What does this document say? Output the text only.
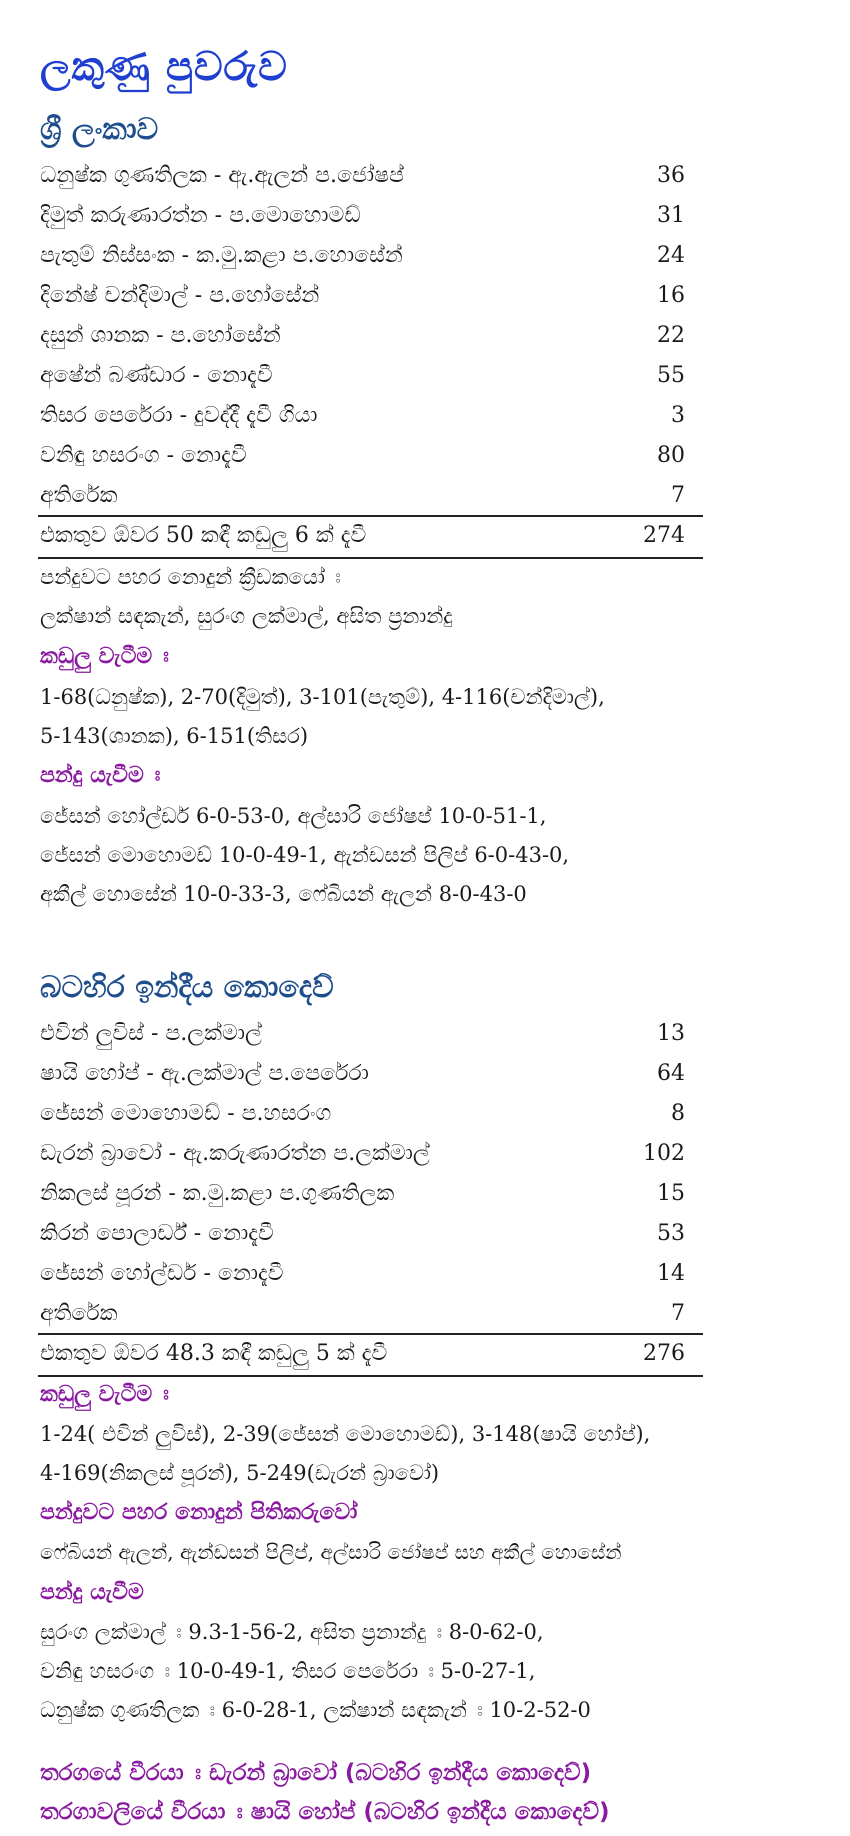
ලකුණු පුවරුව
ශ්‍රී ලංකාව
ධනුෂ්ක ගුණතිලක - ඇ.ඇලන් ප.ජෝෂප්	36
දිමුත් කරුණාරත්න - ප.මොහොමඩ්	31
පැතුම් නිස්සංක - ක.මු.කළා ප.හොසේන්	24
දිනේෂ් චන්දිමාල් - ප.හෝසේන්	16
දසුන් ශානක - ප.හෝසේන්	22
අෂේන් බණ්ඩාර - නොදැවී	55
තිසර පෙරේරා - දුවද්දී දැවී ගියා	3
වනිඳු හසරංග - නොදැවී	80
අතිරේක	7
එකතුව ඕවර 50 කඳී කඩුලු 6 ක් දැවී	274
පන්දුවට පහර නොදුන් ක්‍රීඩකයෝ ඃ
ලක්ෂාන් සඳකැන්, සුරංග ලක්මාල්, අසිත ප්‍රනාන්දු
කඩුලු වැටීම ඃ
1-68(ධනුෂ්ක), 2-70(දිමුත්), 3-101(පැතුම්), 4-116(චන්දිමාල්),
5-143(ශානක), 6-151(තිසර)
පන්දු යැවීම ඃ
ජේසන් හෝල්ඩර් 6-0-53-0, අල්සාරි ජෝෂප් 10-0-51-1,
ජේසන් මොහොමඩ් 10-0-49-1, ඇන්ඩසන් පිලිප් 6-0-43-0,
අකීල් හොසේන් 10-0-33-3, ෆේබියන් ඇලන් 8-0-43-0
බටහිර ඉන්දීය කොදෙව්
එවින් ලුවිස් - ප.ලක්මාල්	13
ෂායි හෝප් - ඇ.ලක්මාල් ප.පෙරේරා	64
ජේසන් මොහොමඩ් - ප.හසරංග	8
ඩැරන් බ්‍රාවෝ - ඇ.කරුණාරත්න ප.ලක්මාල්	102
නිකලස් පූරන් - ක.මු.කළා ප.ගුණතිලක	15
කිරන් පොලාර්ඩ් - නොදැවී	53
ජේසන් හෝල්ඩර් - නොදැවී	14
අතිරේක	7
එකතුව ඕවර 48.3 කඳී කඩුලු 5 ක් දැවී	276
කඩුලු වැටීම ඃ
1-24( එවින් ලුවිස්), 2-39(ජේසන් මොහොමඩ්), 3-148(ෂායි හෝප්),
4-169(නිකලස් පූරන්), 5-249(ඩැරන් බ්‍රාවෝ)
පන්දුවට පහර නොදුන් පිතිකරුවෝ
ෆේබියන් ඇලන්, ඇන්ඩසන් පිලිප්, අල්සාරි ජෝෂප් සහ අකීල් හොසේන්
පන්දු යැවීම
සුරංග ලක්මාල් ඃ 9.3-1-56-2, අසිත ප්‍රනාන්දු ඃ 8-0-62-0,
වනිඳු හසරංග ඃ 10-0-49-1, තිසර පෙරේරා ඃ 5-0-27-1,
ධනුෂ්ක ගුණතිලක ඃ 6-0-28-1, ලක්ෂාන් සඳකැන් ඃ 10-2-52-0
තරගයේ වීරයා ඃ ඩැරන් බ්‍රාවෝ (බටහිර ඉන්දීය කොදෙව්)
තරගාවලියේ වීරයා ඃ ෂායි හෝප් (බටහිර ඉන්දීය කොදෙව්)
